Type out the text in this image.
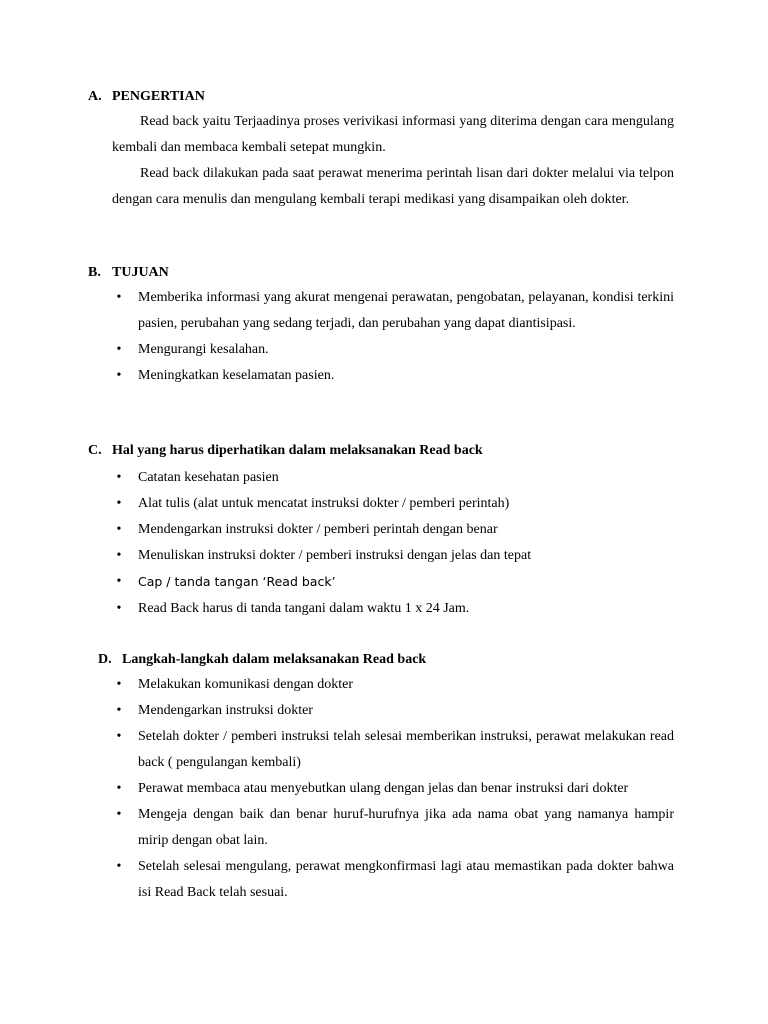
A. PENGERTIAN
Read back yaitu Terjaadinya proses verivikasi informasi yang diterima dengan cara mengulang kembali dan membaca kembali setepat mungkin.
Read back dilakukan pada saat perawat menerima perintah lisan dari dokter melalui via telpon dengan cara menulis dan mengulang kembali terapi medikasi yang disampaikan oleh dokter.
B. TUJUAN
• Memberika informasi yang akurat mengenai perawatan, pengobatan, pelayanan, kondisi terkini pasien, perubahan yang sedang terjadi, dan perubahan yang dapat diantisipasi.
• Mengurangi kesalahan.
• Meningkatkan keselamatan pasien.
C. Hal yang harus diperhatikan dalam melaksanakan Read back
• Catatan kesehatan pasien
• Alat tulis (alat untuk mencatat instruksi dokter / pemberi perintah)
• Mendengarkan instruksi dokter / pemberi perintah dengan benar
• Menuliskan instruksi dokter / pemberi instruksi dengan jelas dan tepat
• Cap / tanda tangan ‘Read back’
• Read Back harus di tanda tangani dalam waktu 1 x 24 Jam.
D. Langkah-langkah dalam melaksanakan Read back
• Melakukan komunikasi dengan dokter
• Mendengarkan instruksi dokter
• Setelah dokter / pemberi instruksi telah selesai memberikan instruksi, perawat melakukan read back ( pengulangan kembali)
• Perawat membaca atau menyebutkan ulang dengan jelas dan benar instruksi dari dokter
• Mengeja dengan baik dan benar huruf-hurufnya jika ada nama obat yang namanya hampir mirip dengan obat lain.
• Setelah selesai mengulang, perawat mengkonfirmasi lagi atau memastikan pada dokter bahwa isi Read Back telah sesuai.
